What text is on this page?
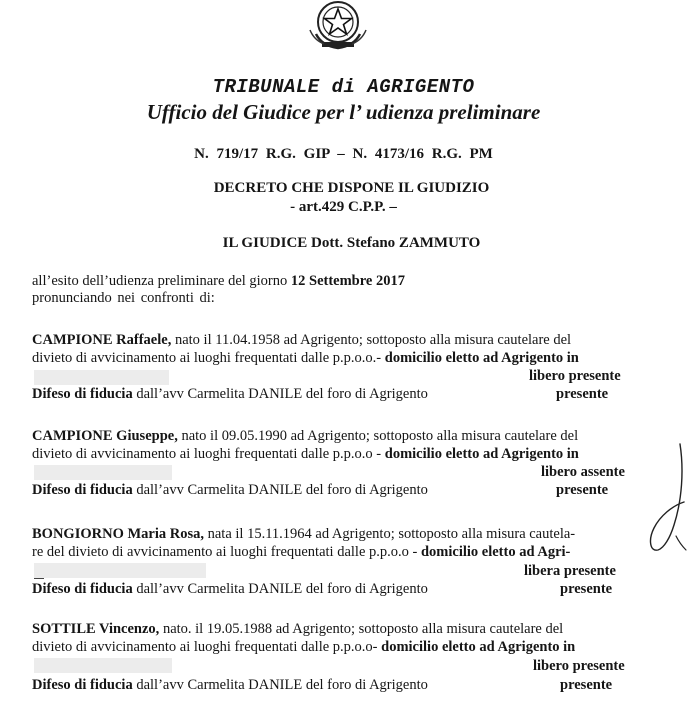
TRIBUNALE di AGRIGENTO
Ufficio del Giudice per l’ udienza preliminare
N. 719/17 R.G. GIP – N. 4173/16 R.G. PM
DECRETO CHE DISPONE IL GIUDIZIO
- art.429 C.P.P. –
IL GIUDICE Dott. Stefano ZAMMUTO
all’esito dell’udienza preliminare del giorno 12 Settembre 2017
pronunciando nei confronti di:
CAMPIONE Raffaele, nato il 11.04.1958 ad Agrigento; sottoposto alla misura cautelare del
divieto di avvicinamento ai luoghi frequentati dalle p.p.o.o.- domicilio eletto ad Agrigento in
libero presente
Difeso di fiducia dall’avv Carmelita DANILE del foro di Agrigento	presente
CAMPIONE Giuseppe, nato il 09.05.1990 ad Agrigento; sottoposto alla misura cautelare del
divieto di avvicinamento ai luoghi frequentati dalle p.p.o.o - domicilio eletto ad Agrigento in
libero assente
Difeso di fiducia dall’avv Carmelita DANILE del foro di Agrigento	presente
BONGIORNO Maria Rosa, nata il 15.11.1964 ad Agrigento; sottoposto alla misura cautela-
re del divieto di avvicinamento ai luoghi frequentati dalle p.p.o.o - domicilio eletto ad Agri-
libera presente
Difeso di fiducia dall’avv Carmelita DANILE del foro di Agrigento	presente
SOTTILE Vincenzo, nato. il 19.05.1988 ad Agrigento; sottoposto alla misura cautelare del
divieto di avvicinamento ai luoghi frequentati dalle p.p.o.o- domicilio eletto ad Agrigento in
libero presente
Difeso di fiducia dall’avv Carmelita DANILE del foro di Agrigento	presente
